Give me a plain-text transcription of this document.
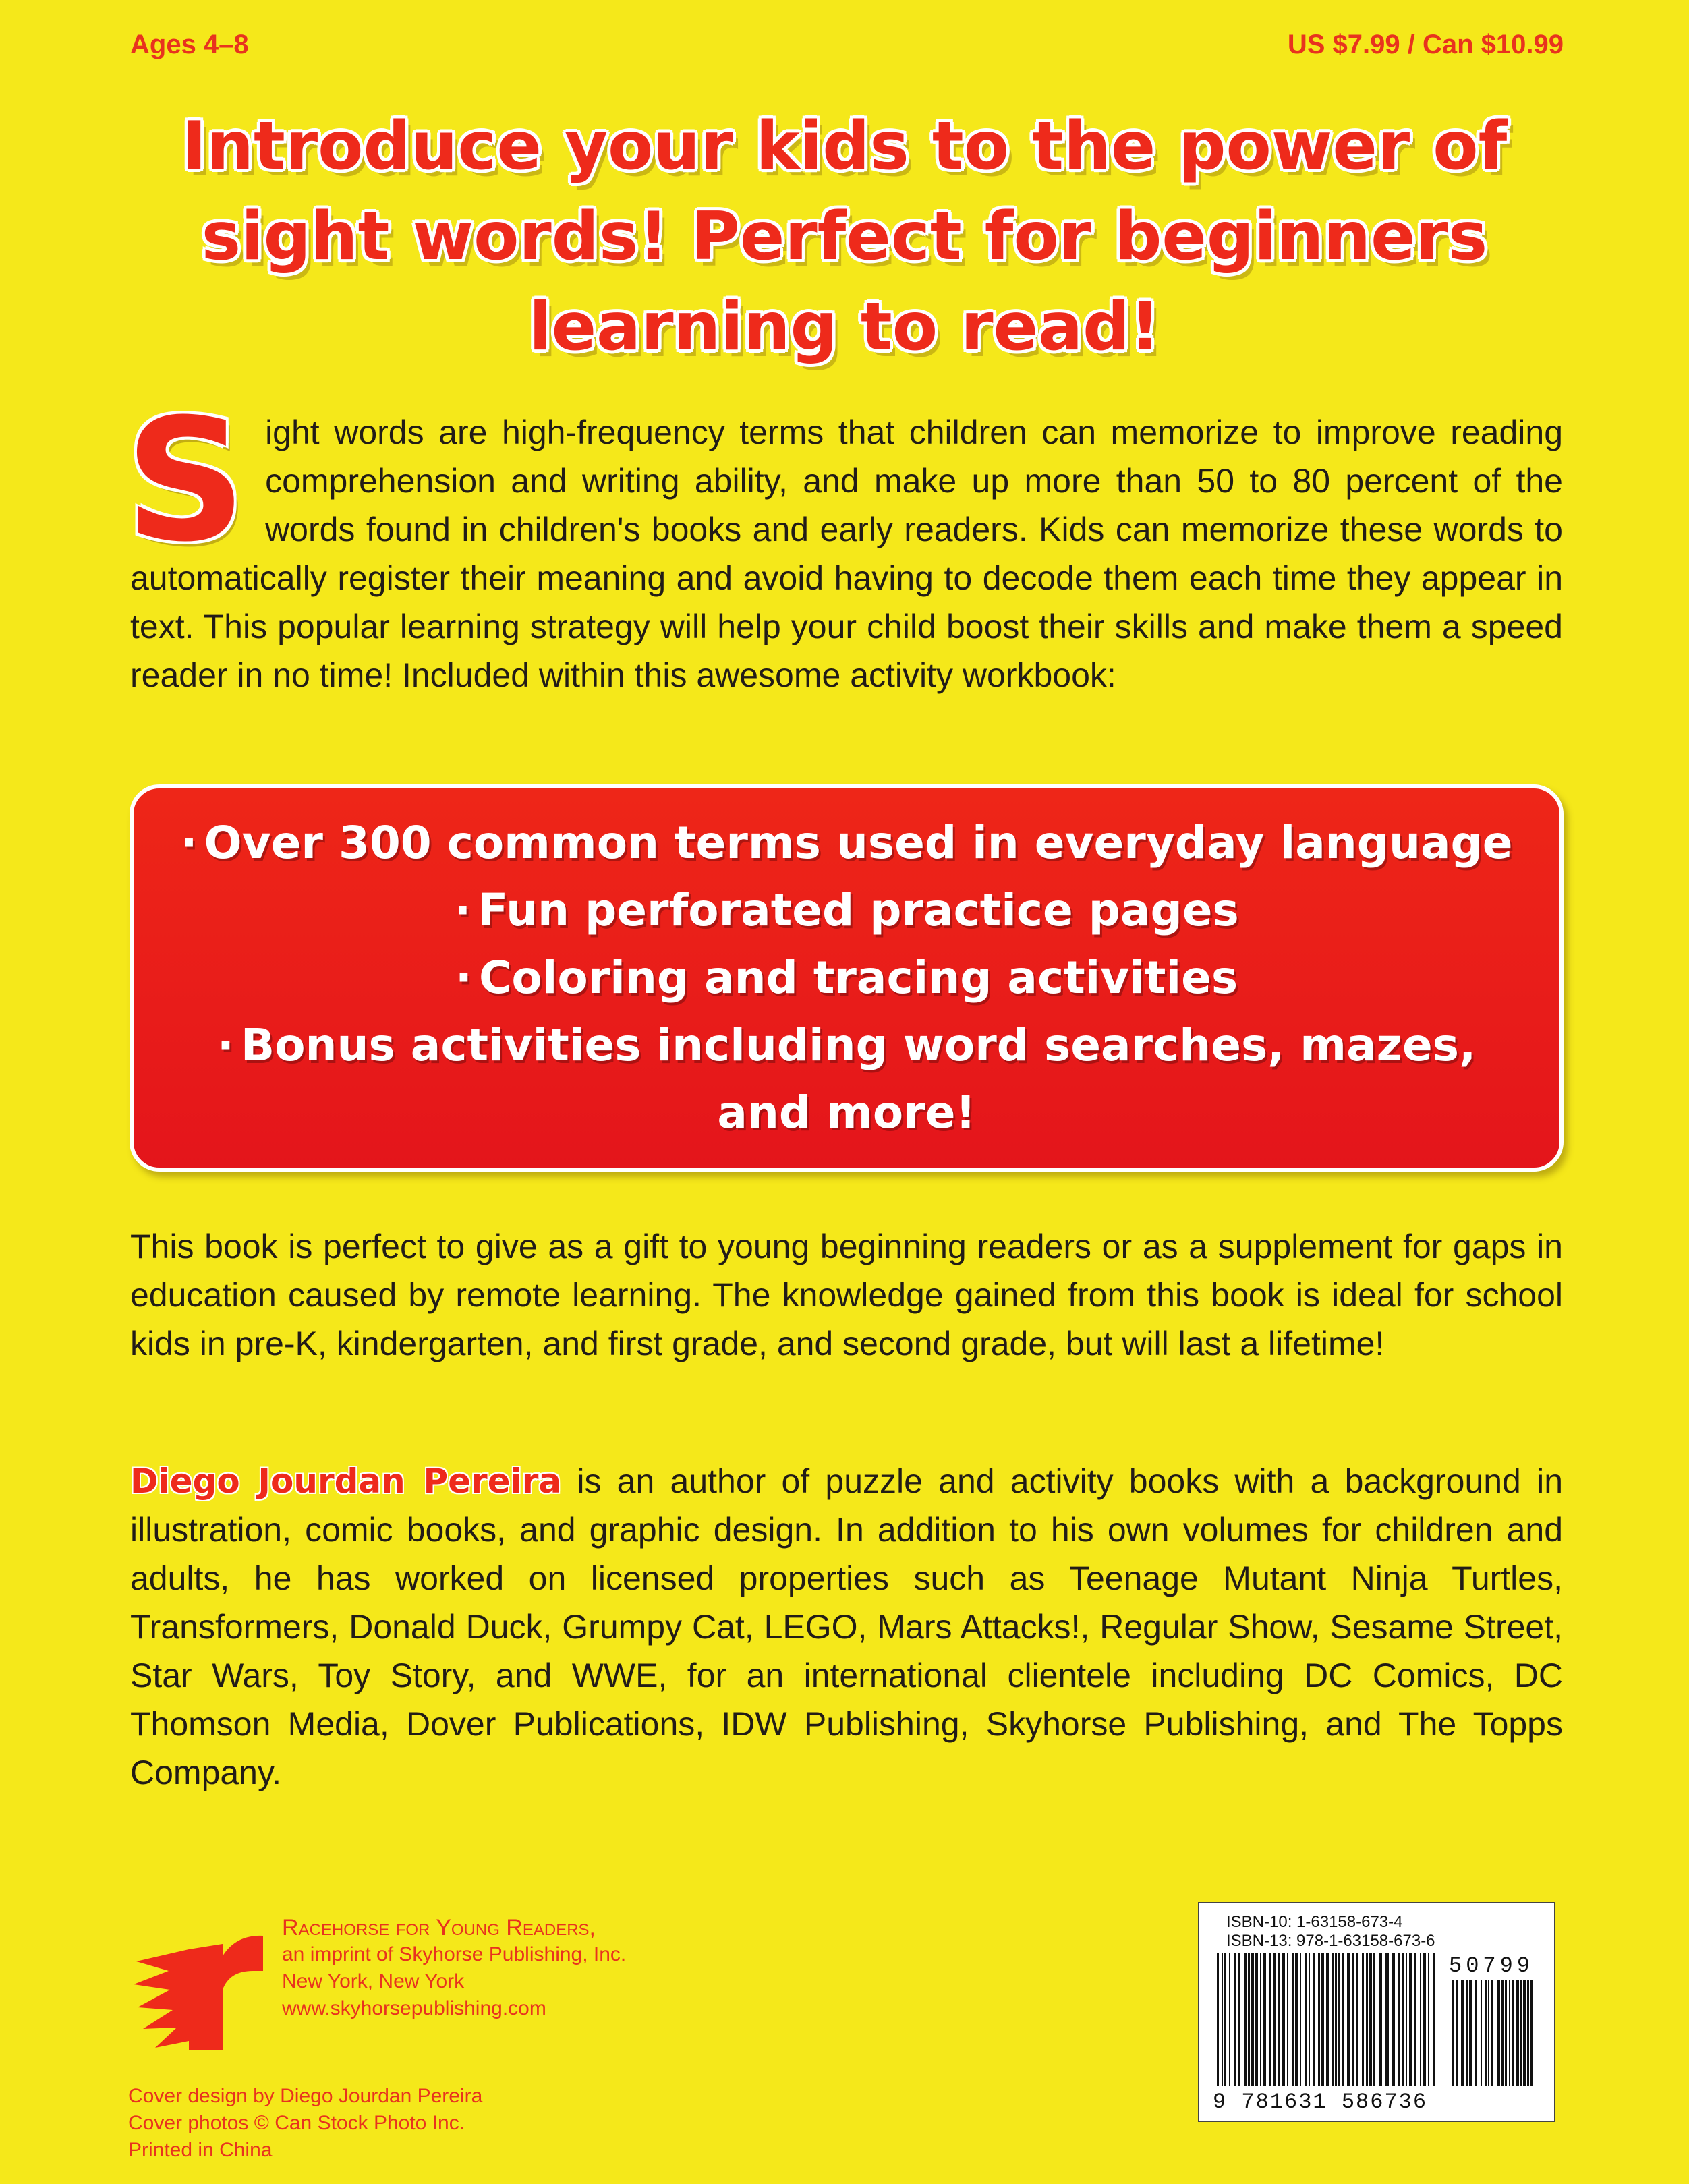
Ages 4–8	US $7.99 / Can $10.99
Introduce your kids to the power of sight words! Perfect for beginners learning to read!
S ight words are high-frequency terms that children can memorize to improve reading comprehension and writing ability, and make up more than 50 to 80 percent of the words found in children's books and early readers. Kids can memorize these words to automatically register their meaning and avoid having to decode them each time they appear in text. This popular learning strategy will help your child boost their skills and make them a speed reader in no time! Included within this awesome activity workbook:
· Over 300 common terms used in everyday language
· Fun perforated practice pages
· Coloring and tracing activities
· Bonus activities including word searches, mazes, and more!
This book is perfect to give as a gift to young beginning readers or as a supplement for gaps in education caused by remote learning. The knowledge gained from this book is ideal for school kids in pre-K, kindergarten, and first grade, and second grade, but will last a lifetime!
Diego Jourdan Pereira is an author of puzzle and activity books with a background in illustration, comic books, and graphic design. In addition to his own volumes for children and adults, he has worked on licensed properties such as Teenage Mutant Ninja Turtles, Transformers, Donald Duck, Grumpy Cat, LEGO, Mars Attacks!, Regular Show, Sesame Street, Star Wars, Toy Story, and WWE, for an international clientele including DC Comics, DC Thomson Media, Dover Publications, IDW Publishing, Skyhorse Publishing, and The Topps Company.
Racehorse for Young Readers,
an imprint of Skyhorse Publishing, Inc.
New York, New York
www.skyhorsepublishing.com
Cover design by Diego Jourdan Pereira
Cover photos © Can Stock Photo Inc.
Printed in China
ISBN-10: 1-63158-673-4
ISBN-13: 978-1-63158-673-6
50799
9 781631 586736
